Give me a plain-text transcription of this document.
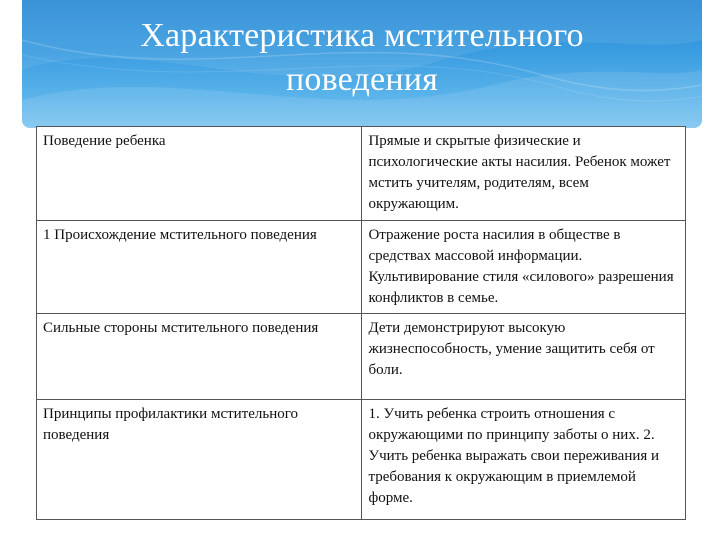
Характеристика мстительного
поведения
Поведение ребенка	Прямые и скрытые физические и психологические акты насилия. Ребенок может мстить учителям, родителям, всем окружающим.
1 Происхождение мстительного поведения	Отражение роста насилия в обществе в средствах массовой информации. Культивирование стиля «силового» разрешения конфликтов в семье.
Сильные стороны мстительного поведения	Дети демонстрируют высокую жизнеспособность, умение защитить себя от боли.
Принципы профилактики мстительного поведения	1. Учить ребенка строить отношения с окружающими по принципу заботы о них. 2. Учить ребенка выражать свои переживания и требования к окружающим в приемлемой форме.
